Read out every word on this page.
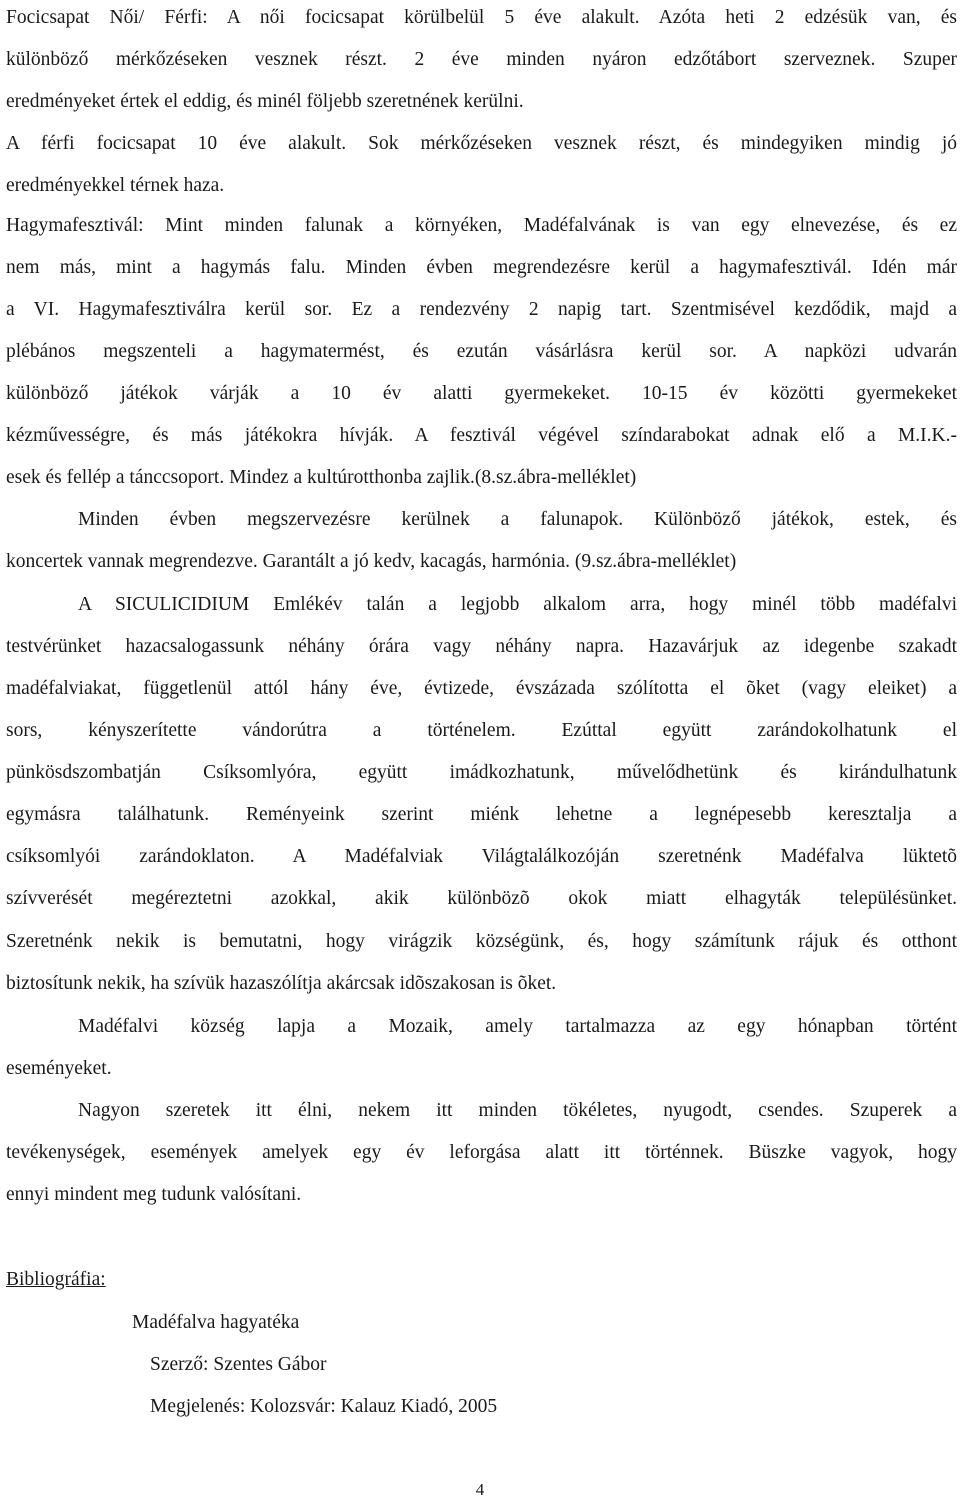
Focicsapat Női/ Férfi: A női focicsapat körülbelül 5 éve alakult. Azóta heti 2 edzésük van, és
különböző mérkőzéseken vesznek részt. 2 éve minden nyáron edzőtábort szerveznek. Szuper
eredményeket értek el eddig, és minél följebb szeretnének kerülni.
A férfi focicsapat 10 éve alakult. Sok mérkőzéseken vesznek részt, és mindegyiken mindig jó
eredményekkel térnek haza.
Hagymafesztivál: Mint minden falunak a környéken, Madéfalvának is van egy elnevezése, és ez
nem más, mint a hagymás falu. Minden évben megrendezésre kerül a hagymafesztivál. Idén már
a VI. Hagymafesztiválra kerül sor. Ez a rendezvény 2 napig tart. Szentmisével kezdődik, majd a
plébános megszenteli a hagymatermést, és ezután vásárlásra kerül sor. A napközi udvarán
különböző játékok várják a 10 év alatti gyermekeket. 10-15 év közötti gyermekeket
kézművességre, és más játékokra hívják. A fesztivál végével színdarabokat adnak elő a M.I.K.-
esek és fellép a tánccsoport. Mindez a kultúrotthonba zajlik.(8.sz.ábra-melléklet)
Minden évben megszervezésre kerülnek a falunapok. Különböző játékok, estek, és
koncertek vannak megrendezve. Garantált a jó kedv, kacagás, harmónia. (9.sz.ábra-melléklet)
A SICULICIDIUM Emlékév talán a legjobb alkalom arra, hogy minél több madéfalvi
testvérünket hazacsalogassunk néhány órára vagy néhány napra. Hazavárjuk az idegenbe szakadt
madéfalviakat, függetlenül attól hány éve, évtizede, évszázada szólította el õket (vagy eleiket) a
sors, kényszerítette vándorútra a történelem. Ezúttal együtt zarándokolhatunk el
pünkösdszombatján Csíksomlyóra, együtt imádkozhatunk, művelődhetünk és kirándulhatunk
egymásra találhatunk. Reményeink szerint miénk lehetne a legnépesebb keresztalja a
csíksomlyói zarándoklaton. A Madéfalviak Világtalálkozóján szeretnénk Madéfalva lüktetõ
szívverését megéreztetni azokkal, akik különbözõ okok miatt elhagyták településünket.
Szeretnénk nekik is bemutatni, hogy virágzik községünk, és, hogy számítunk rájuk és otthont
biztosítunk nekik, ha szívük hazaszólítja akárcsak idõszakosan is õket.
Madéfalvi község lapja a Mozaik, amely tartalmazza az egy hónapban történt
eseményeket.
Nagyon szeretek itt élni, nekem itt minden tökéletes, nyugodt, csendes. Szuperek a
tevékenységek, események amelyek egy év leforgása alatt itt történnek. Büszke vagyok, hogy
ennyi mindent meg tudunk valósítani.
Bibliográfia:
Madéfalva hagyatéka
Szerző: Szentes Gábor
Megjelenés: Kolozsvár: Kalauz Kiadó, 2005
4
